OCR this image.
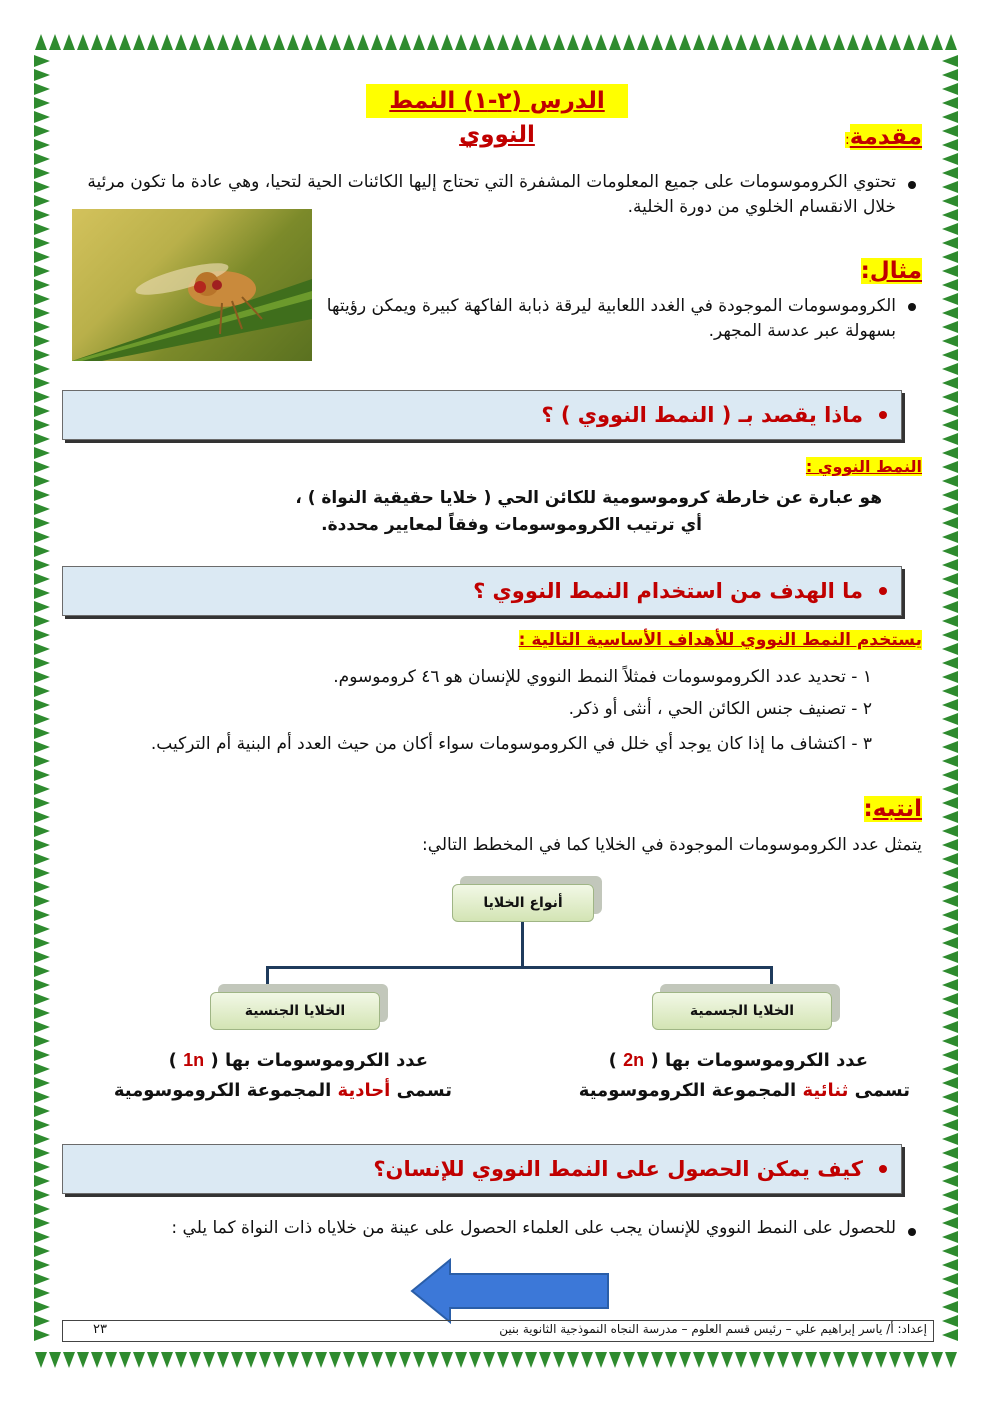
الدرس (٢-١) النمط النووي	مقدمة:
تحتوي الكروموسومات على جميع المعلومات المشفرة التي تحتاج إليها الكائنات الحية لتحيا، وهي عادة ما تكون مرئية خلال الانقسام الخلوي من دورة الخلية.
مثال:
الكروموسومات الموجودة في الغدد اللعابية ليرقة ذبابة الفاكهة كبيرة ويمكن رؤيتها بسهولة عبر عدسة المجهر.
ماذا يقصد بـ ( النمط النووي ) ؟
النمط النووي :
هو عبارة عن خارطة كروموسومية للكائن الحي ( خلايا حقيقية النواة ) ،
أي ترتيب الكروموسومات وفقاً لمعايير محددة.
ما الهدف من استخدام النمط النووي ؟
يستخدم النمط النووي للأهداف الأساسية التالية :
١ - تحديد عدد الكروموسومات فمثلاً النمط النووي للإنسان هو ٤٦ كروموسوم.
٢ - تصنيف جنس الكائن الحي ، أنثى أو ذكر.
٣ - اكتشاف ما إذا كان يوجد أي خلل في الكروموسومات سواء أكان من حيث العدد أم البنية أم التركيب.
انتبه:
يتمثل عدد الكروموسومات الموجودة في الخلايا كما في المخطط التالي:
أنواع الخلايا
الخلايا الجسمية
الخلايا الجنسية
عدد الكروموسومات بها ( 2n )
تسمى ثنائية المجموعة الكروموسومية
عدد الكروموسومات بها ( 1n )
تسمى أحادية المجموعة الكروموسومية
كيف يمكن الحصول على النمط النووي للإنسان؟
للحصول على النمط النووي للإنسان يجب على العلماء الحصول على عينة من خلاياه ذات النواة كما يلي :
إعداد: أ/ ياسر إبراهيم علي – رئيس قسم العلوم – مدرسة النجاه النموذجية الثانوية بنين
٢٣
